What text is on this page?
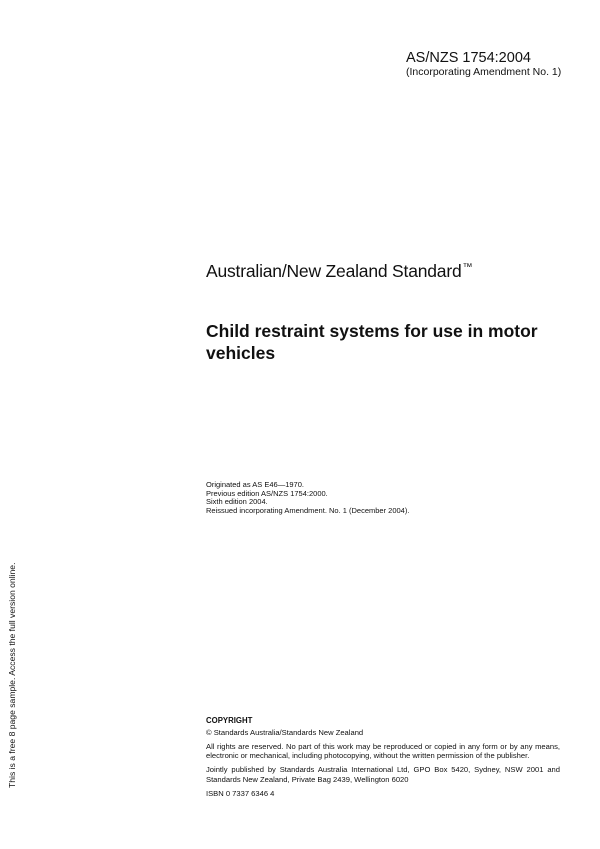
AS/NZS 1754:2004
(Incorporating Amendment No. 1)
Australian/New Zealand Standard™
Child restraint systems for use in motor vehicles
Originated as AS E46—1970.
Previous edition AS/NZS 1754:2000.
Sixth edition 2004.
Reissued incorporating Amendment. No. 1 (December 2004).
COPYRIGHT
© Standards Australia/Standards New Zealand
All rights are reserved. No part of this work may be reproduced or copied in any form or by any means, electronic or mechanical, including photocopying, without the written permission of the publisher.
Jointly published by Standards Australia International Ltd, GPO Box 5420, Sydney, NSW 2001 and Standards New Zealand, Private Bag 2439, Wellington 6020
ISBN 0 7337 6346 4
This is a free 8 page sample. Access the full version online.
